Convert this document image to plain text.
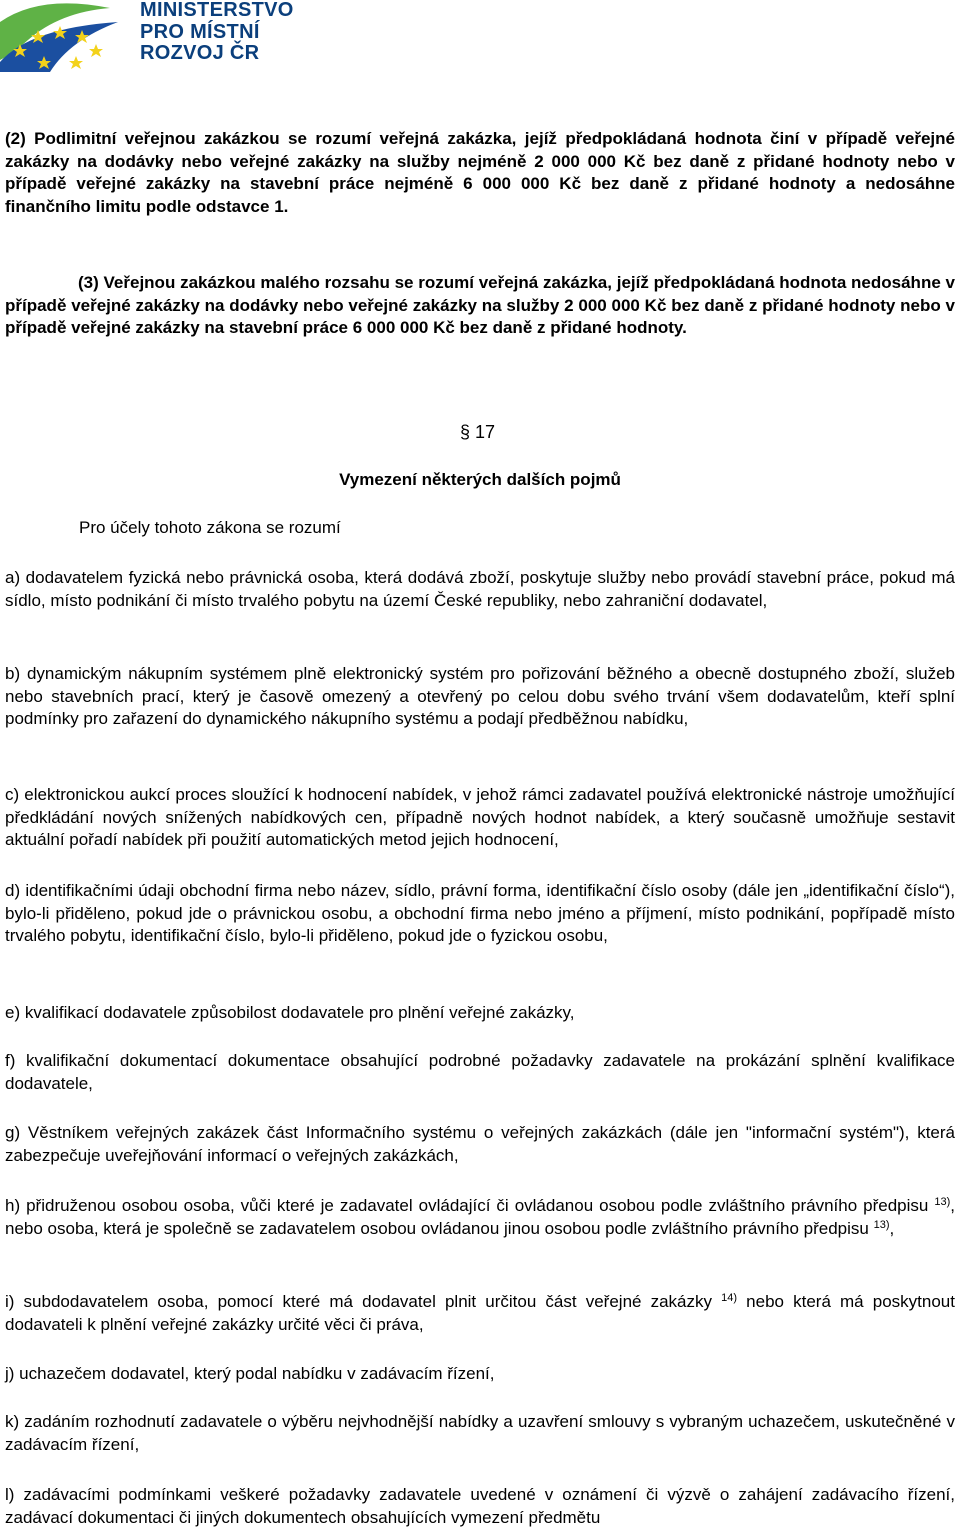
MINISTERSTVO
PRO MÍSTNÍ
ROZVOJ ČR

(2) Podlimitní veřejnou zakázkou se rozumí veřejná zakázka, jejíž předpokládaná hodnota činí v případě veřejné zakázky na dodávky nebo veřejné zakázky na služby nejméně 2 000 000 Kč bez daně z přidané hodnoty nebo v případě veřejné zakázky na stavební práce nejméně 6 000 000 Kč bez daně z přidané hodnoty a nedosáhne finančního limitu podle odstavce 1.

(3) Veřejnou zakázkou malého rozsahu se rozumí veřejná zakázka, jejíž předpokládaná hodnota nedosáhne v případě veřejné zakázky na dodávky nebo veřejné zakázky na služby 2 000 000 Kč bez daně z přidané hodnoty nebo v případě veřejné zakázky na stavební práce 6 000 000 Kč bez daně z přidané hodnoty.

§ 17
Vymezení některých dalších pojmů
Pro účely tohoto zákona se rozumí

a) dodavatelem fyzická nebo právnická osoba, která dodává zboží, poskytuje služby nebo provádí stavební práce, pokud má sídlo, místo podnikání či místo trvalého pobytu na území České republiky, nebo zahraniční dodavatel,

b) dynamickým nákupním systémem plně elektronický systém pro pořizování běžného a obecně dostupného zboží, služeb nebo stavebních prací, který je časově omezený a otevřený po celou dobu svého trvání všem dodavatelům, kteří splní podmínky pro zařazení do dynamického nákupního systému a podají předběžnou nabídku,

c) elektronickou aukcí proces sloužící k hodnocení nabídek, v jehož rámci zadavatel používá elektronické nástroje umožňující předkládání nových snížených nabídkových cen, případně nových hodnot nabídek, a který současně umožňuje sestavit aktuální pořadí nabídek při použití automatických metod jejich hodnocení,

d) identifikačními údaji obchodní firma nebo název, sídlo, právní forma, identifikační číslo osoby (dále jen „identifikační číslo“), bylo-li přiděleno, pokud jde o právnickou osobu, a obchodní firma nebo jméno a příjmení, místo podnikání, popřípadě místo trvalého pobytu, identifikační číslo, bylo-li přiděleno, pokud jde o fyzickou osobu,

e) kvalifikací dodavatele způsobilost dodavatele pro plnění veřejné zakázky,

f) kvalifikační dokumentací dokumentace obsahující podrobné požadavky zadavatele na prokázání splnění kvalifikace dodavatele,

g) Věstníkem veřejných zakázek část Informačního systému o veřejných zakázkách (dále jen "informační systém"), která zabezpečuje uveřejňování informací o veřejných zakázkách,

h) přidruženou osobou osoba, vůči které je zadavatel ovládající či ovládanou osobou podle zvláštního právního předpisu $^{13)}$, nebo osoba, která je společně se zadavatelem osobou ovládanou jinou osobou podle zvláštního právního předpisu $^{13)}$,

i) subdodavatelem osoba, pomocí které má dodavatel plnit určitou část veřejné zakázky $^{14)}$ nebo která má poskytnout dodavateli k plnění veřejné zakázky určité věci či práva,

j) uchazečem dodavatel, který podal nabídku v zadávacím řízení,

k) zadáním rozhodnutí zadavatele o výběru nejvhodnější nabídky a uzavření smlouvy s vybraným uchazečem, uskutečněné v zadávacím řízení,

l) zadávacími podmínkami veškeré požadavky zadavatele uvedené v oznámení či výzvě o zahájení zadávacího řízení, zadávací dokumentaci či jiných dokumentech obsahujících vymezení předmětu
